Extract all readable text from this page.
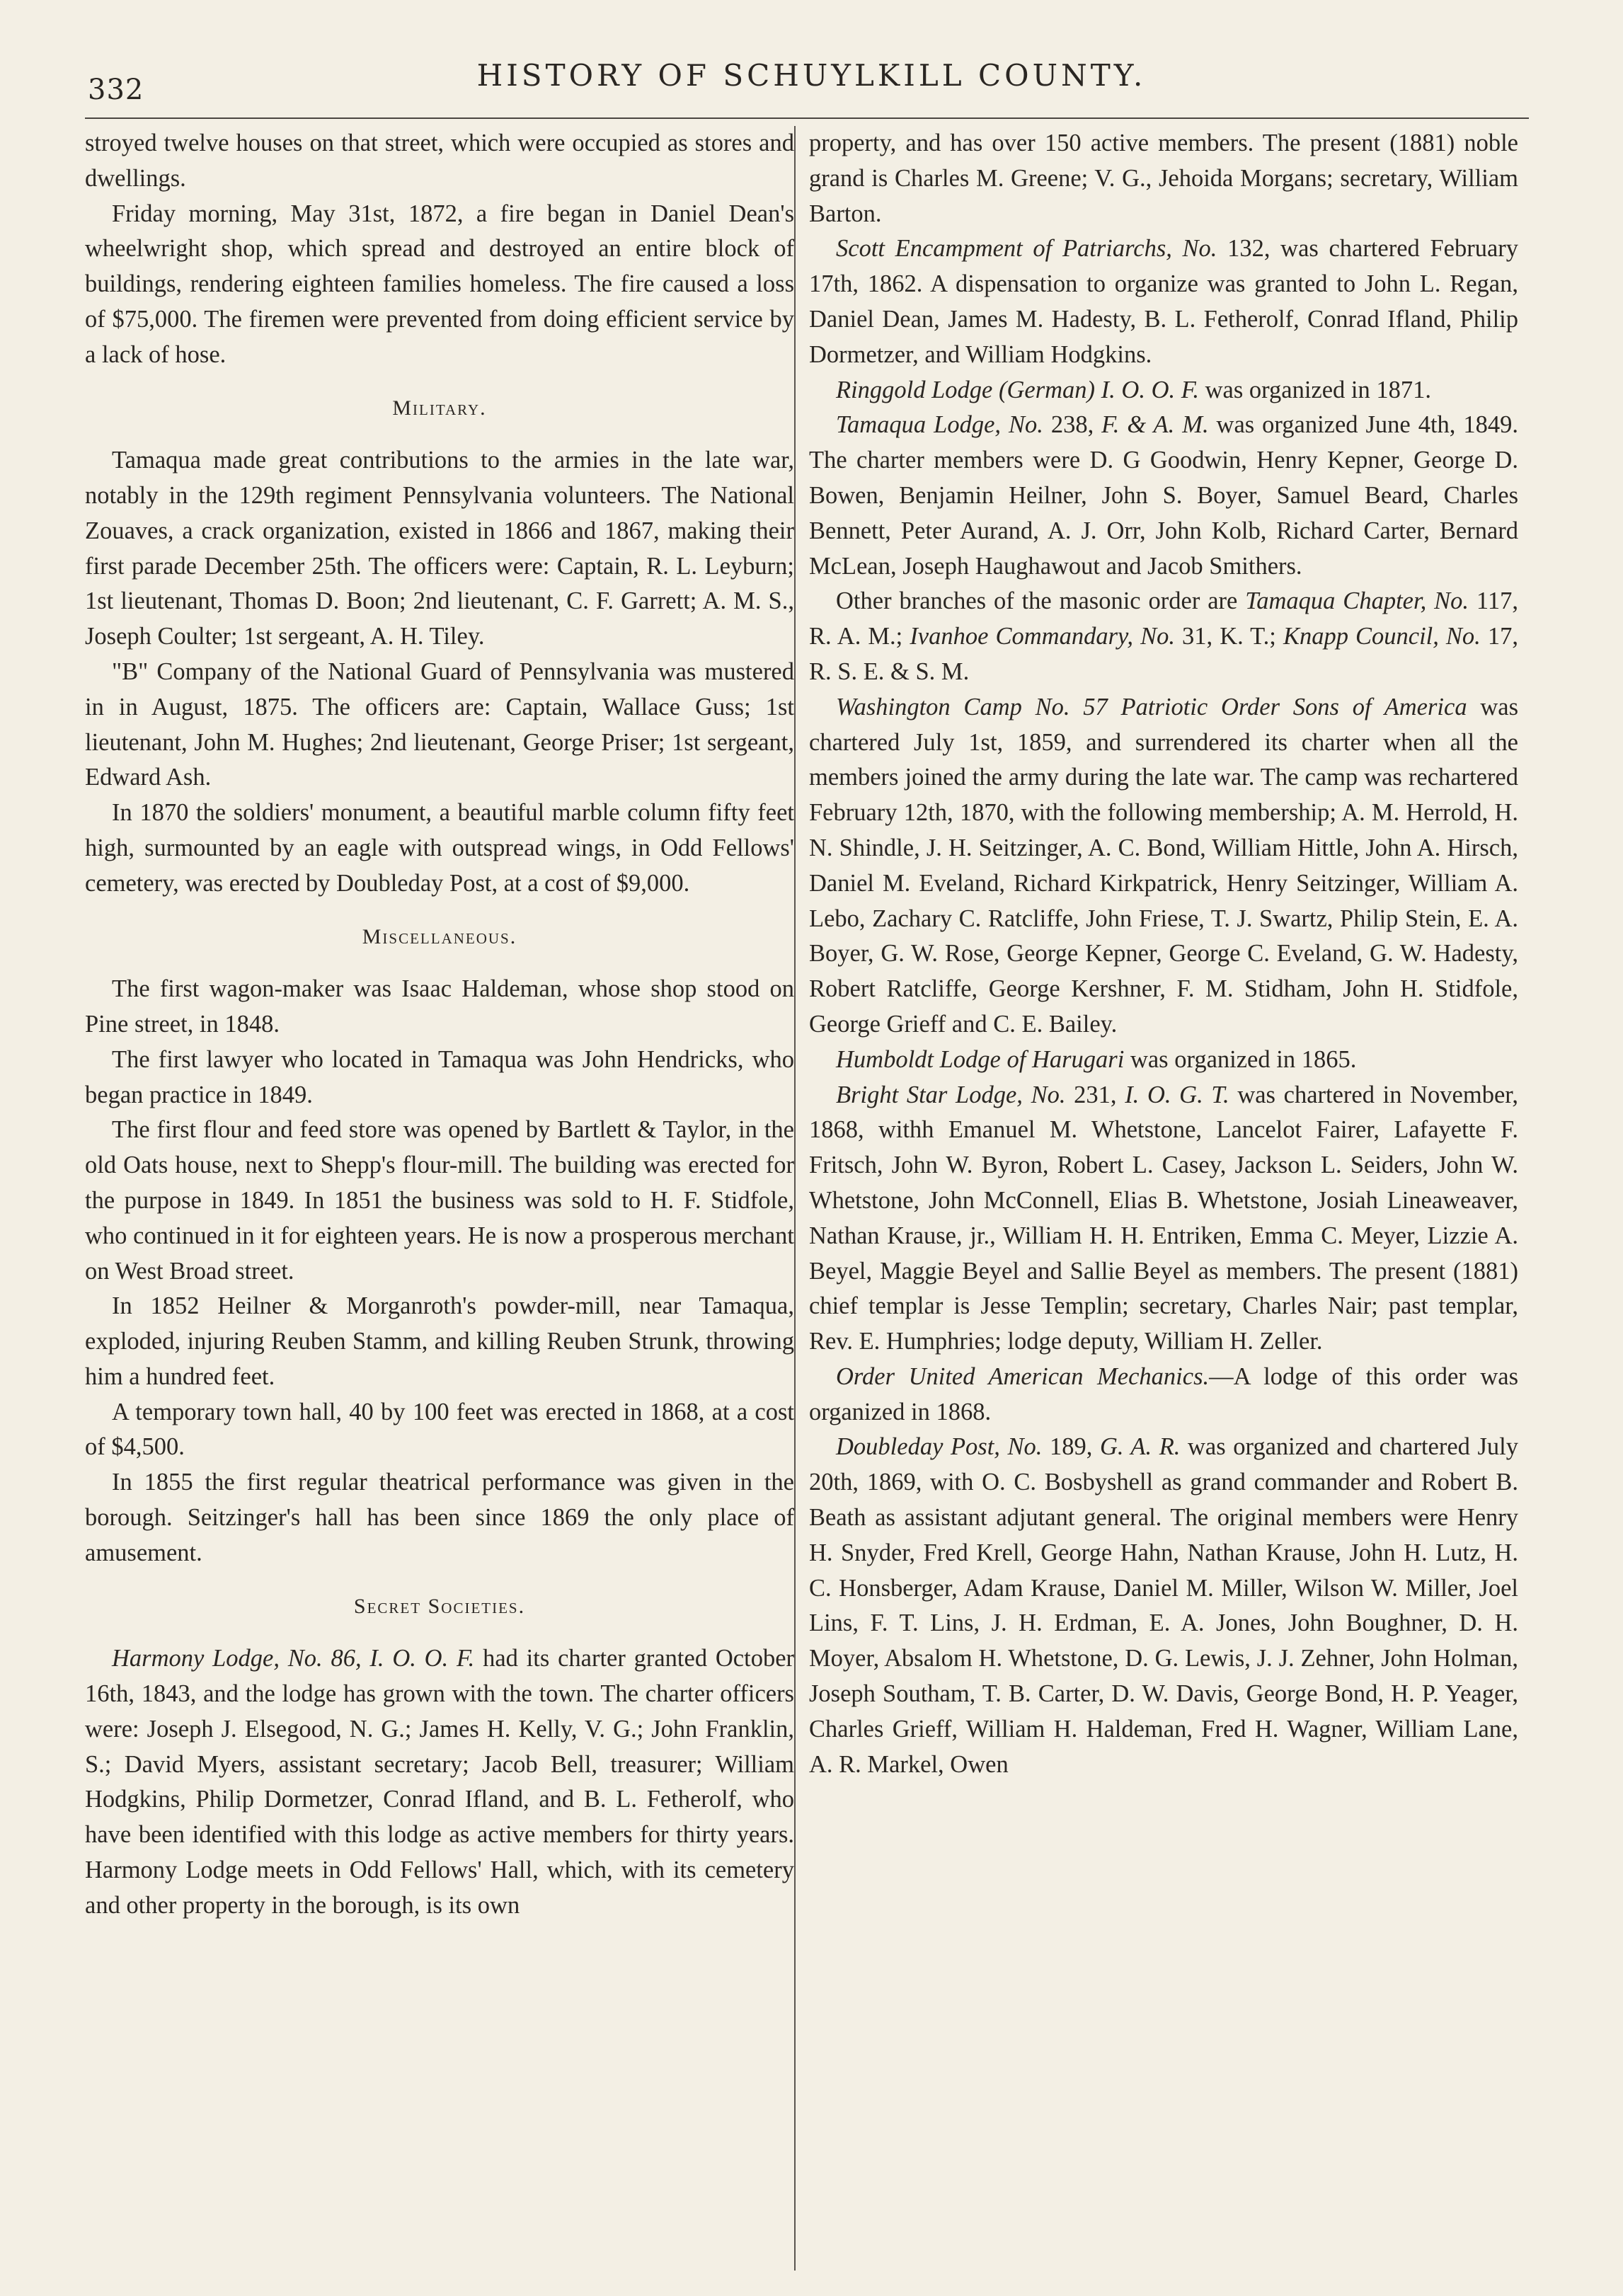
332	HISTORY OF SCHUYLKILL COUNTY.

stroyed twelve houses on that street, which were occupied as stores and dwellings.

Friday morning, May 31st, 1872, a fire began in Daniel Dean's wheelwright shop, which spread and destroyed an entire block of buildings, rendering eighteen families homeless. The fire caused a loss of $75,000. The firemen were prevented from doing efficient service by a lack of hose.

Military.

Tamaqua made great contributions to the armies in the late war, notably in the 129th regiment Pennsylvania volunteers. The National Zouaves, a crack organization, existed in 1866 and 1867, making their first parade December 25th. The officers were: Captain, R. L. Leyburn; 1st lieutenant, Thomas D. Boon; 2nd lieutenant, C. F. Garrett; A. M. S., Joseph Coulter; 1st sergeant, A. H. Tiley.

"B" Company of the National Guard of Pennsylvania was mustered in in August, 1875. The officers are: Captain, Wallace Guss; 1st lieutenant, John M. Hughes; 2nd lieutenant, George Priser; 1st sergeant, Edward Ash.

In 1870 the soldiers' monument, a beautiful marble column fifty feet high, surmounted by an eagle with outspread wings, in Odd Fellows' cemetery, was erected by Doubleday Post, at a cost of $9,000.

Miscellaneous.

The first wagon-maker was Isaac Haldeman, whose shop stood on Pine street, in 1848.

The first lawyer who located in Tamaqua was John Hendricks, who began practice in 1849.

The first flour and feed store was opened by Bartlett & Taylor, in the old Oats house, next to Shepp's flour-mill. The building was erected for the purpose in 1849. In 1851 the business was sold to H. F. Stidfole, who continued in it for eighteen years. He is now a prosperous merchant on West Broad street.

In 1852 Heilner & Morganroth's powder-mill, near Tamaqua, exploded, injuring Reuben Stamm, and killing Reuben Strunk, throwing him a hundred feet.

A temporary town hall, 40 by 100 feet was erected in 1868, at a cost of $4,500.

In 1855 the first regular theatrical performance was given in the borough. Seitzinger's hall has been since 1869 the only place of amusement.

Secret Societies.

Harmony Lodge, No. 86, I. O. O. F. had its charter granted October 16th, 1843, and the lodge has grown with the town. The charter officers were: Joseph J. Elsegood, N. G.; James H. Kelly, V. G.; John Franklin, S.; David Myers, assistant secretary; Jacob Bell, treasurer; William Hodgkins, Philip Dormetzer, Conrad Ifland, and B. L. Fetherolf, who have been identified with this lodge as active members for thirty years. Harmony Lodge meets in Odd Fellows' Hall, which, with its cemetery and other property in the borough, is its own

property, and has over 150 active members. The present (1881) noble grand is Charles M. Greene; V. G., Jehoida Morgans; secretary, William Barton.

Scott Encampment of Patriarchs, No. 132, was chartered February 17th, 1862. A dispensation to organize was granted to John L. Regan, Daniel Dean, James M. Hadesty, B. L. Fetherolf, Conrad Ifland, Philip Dormetzer, and William Hodgkins.

Ringgold Lodge (German) I. O. O. F. was organized in 1871.

Tamaqua Lodge, No. 238, F. & A. M. was organized June 4th, 1849. The charter members were D. G Goodwin, Henry Kepner, George D. Bowen, Benjamin Heilner, John S. Boyer, Samuel Beard, Charles Bennett, Peter Aurand, A. J. Orr, John Kolb, Richard Carter, Bernard McLean, Joseph Haughawout and Jacob Smithers.

Other branches of the masonic order are Tamaqua Chapter, No. 117, R. A. M.; Ivanhoe Commandary, No. 31, K. T.; Knapp Council, No. 17, R. S. E. & S. M.

Washington Camp No. 57 Patriotic Order Sons of America was chartered July 1st, 1859, and surrendered its charter when all the members joined the army during the late war. The camp was rechartered February 12th, 1870, with the following membership; A. M. Herrold, H. N. Shindle, J. H. Seitzinger, A. C. Bond, William Hittle, John A. Hirsch, Daniel M. Eveland, Richard Kirkpatrick, Henry Seitzinger, William A. Lebo, Zachary C. Ratcliffe, John Friese, T. J. Swartz, Philip Stein, E. A. Boyer, G. W. Rose, George Kepner, George C. Eveland, G. W. Hadesty, Robert Ratcliffe, George Kershner, F. M. Stidham, John H. Stidfole, George Grieff and C. E. Bailey.

Humboldt Lodge of Harugari was organized in 1865.

Bright Star Lodge, No. 231, I. O. G. T. was chartered in November, 1868, withh Emanuel M. Whetstone, Lancelot Fairer, Lafayette F. Fritsch, John W. Byron, Robert L. Casey, Jackson L. Seiders, John W. Whetstone, John McConnell, Elias B. Whetstone, Josiah Lineaweaver, Nathan Krause, jr., William H. H. Entriken, Emma C. Meyer, Lizzie A. Beyel, Maggie Beyel and Sallie Beyel as members. The present (1881) chief templar is Jesse Templin; secretary, Charles Nair; past templar, Rev. E. Humphries; lodge deputy, William H. Zeller.

Order United American Mechanics.—A lodge of this order was organized in 1868.

Doubleday Post, No. 189, G. A. R. was organized and chartered July 20th, 1869, with O. C. Bosbyshell as grand commander and Robert B. Beath as assistant adjutant general. The original members were Henry H. Snyder, Fred Krell, George Hahn, Nathan Krause, John H. Lutz, H. C. Honsberger, Adam Krause, Daniel M. Miller, Wilson W. Miller, Joel Lins, F. T. Lins, J. H. Erdman, E. A. Jones, John Boughner, D. H. Moyer, Absalom H. Whetstone, D. G. Lewis, J. J. Zehner, John Holman, Joseph Southam, T. B. Carter, D. W. Davis, George Bond, H. P. Yeager, Charles Grieff, William H. Haldeman, Fred H. Wagner, William Lane, A. R. Markel, Owen
